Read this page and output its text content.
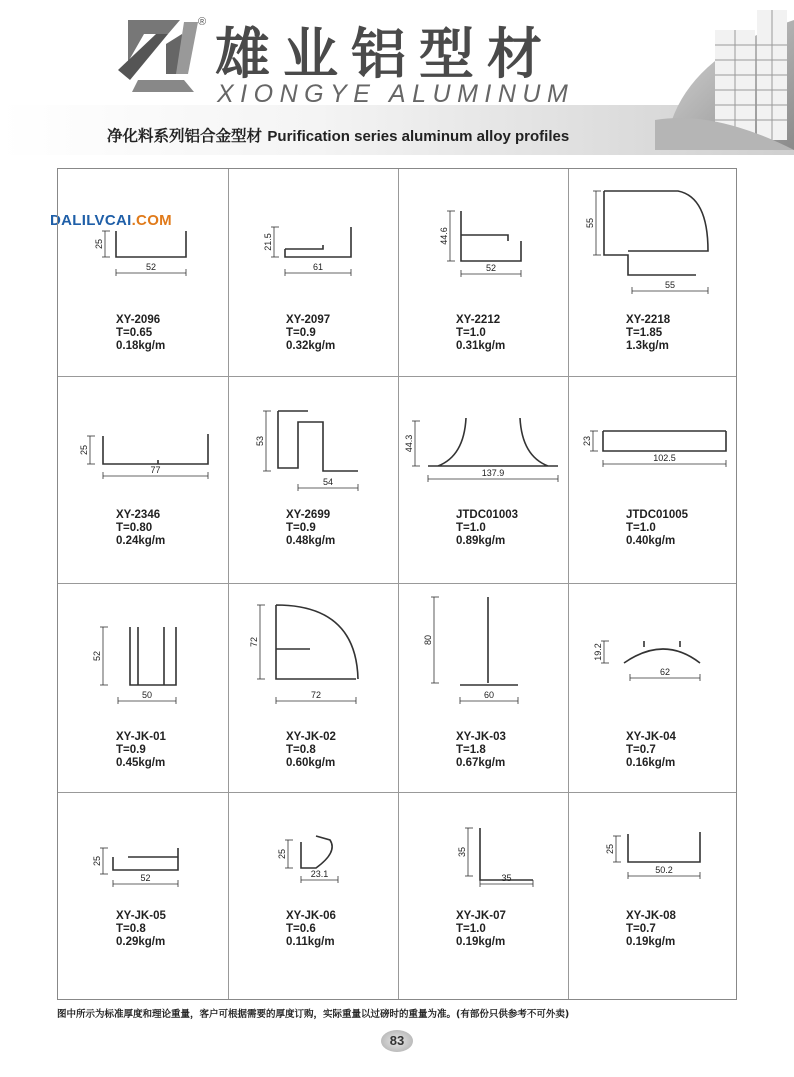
® 雄业铝型材
XIONGYE ALUMINUM
净化料系列铝合金型材 Purification series aluminum alloy profiles
DALILVCAI.COM
25
52
XY-2096
T=0.65
0.18kg/m
21.5
61
XY-2097
T=0.9
0.32kg/m
44.6
52
XY-2212
T=1.0
0.31kg/m
55
55
XY-2218
T=1.85
1.3kg/m
25
77
XY-2346
T=0.80
0.24kg/m
53
54
XY-2699
T=0.9
0.48kg/m
44.3
137.9
JTDC01003
T=1.0
0.89kg/m
23
102.5
JTDC01005
T=1.0
0.40kg/m
52
50
XY-JK-01
T=0.9
0.45kg/m
72
72
XY-JK-02
T=0.8
0.60kg/m
80
60
XY-JK-03
T=1.8
0.67kg/m
19.2
62
XY-JK-04
T=0.7
0.16kg/m
25
52
XY-JK-05
T=0.8
0.29kg/m
25
23.1
XY-JK-06
T=0.6
0.11kg/m
35
35
XY-JK-07
T=1.0
0.19kg/m
25
50.2
XY-JK-08
T=0.7
0.19kg/m
图中所示为标准厚度和理论重量，客户可根据需要的厚度订购，实际重量以过磅时的重量为准。(有部份只供参考不可外卖)
83
